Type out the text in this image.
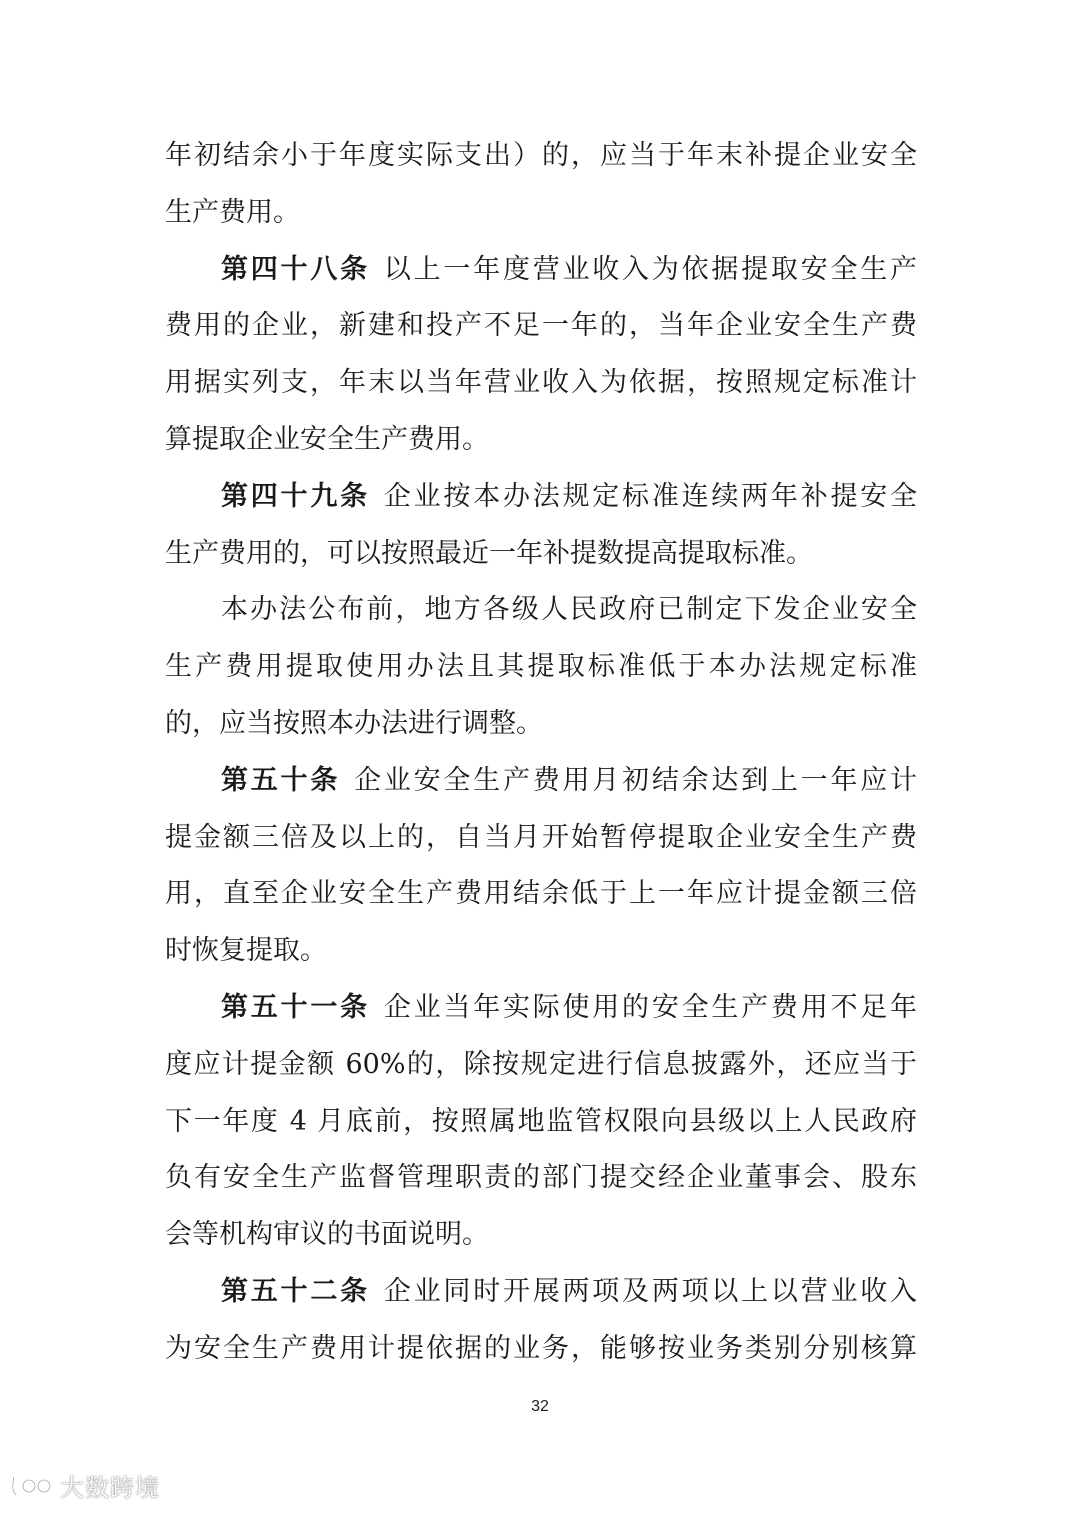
年初结余小于年度实际支出）的，应当于年末补提企业安全
生产费用。
第四十八条 以上一年度营业收入为依据提取安全生产
费用的企业，新建和投产不足一年的，当年企业安全生产费
用据实列支，年末以当年营业收入为依据，按照规定标准计
算提取企业安全生产费用。
第四十九条 企业按本办法规定标准连续两年补提安全
生产费用的，可以按照最近一年补提数提高提取标准。
本办法公布前，地方各级人民政府已制定下发企业安全
生产费用提取使用办法且其提取标准低于本办法规定标准
的，应当按照本办法进行调整。
第五十条 企业安全生产费用月初结余达到上一年应计
提金额三倍及以上的，自当月开始暂停提取企业安全生产费
用，直至企业安全生产费用结余低于上一年应计提金额三倍
时恢复提取。
第五十一条 企业当年实际使用的安全生产费用不足年
度应计提金额 60%的，除按规定进行信息披露外，还应当于
下一年度 4 月底前，按照属地监管权限向县级以上人民政府
负有安全生产监督管理职责的部门提交经企业董事会、股东
会等机构审议的书面说明。
第五十二条 企业同时开展两项及两项以上以营业收入
为安全生产费用计提依据的业务，能够按业务类别分别核算
32
大数跨境
